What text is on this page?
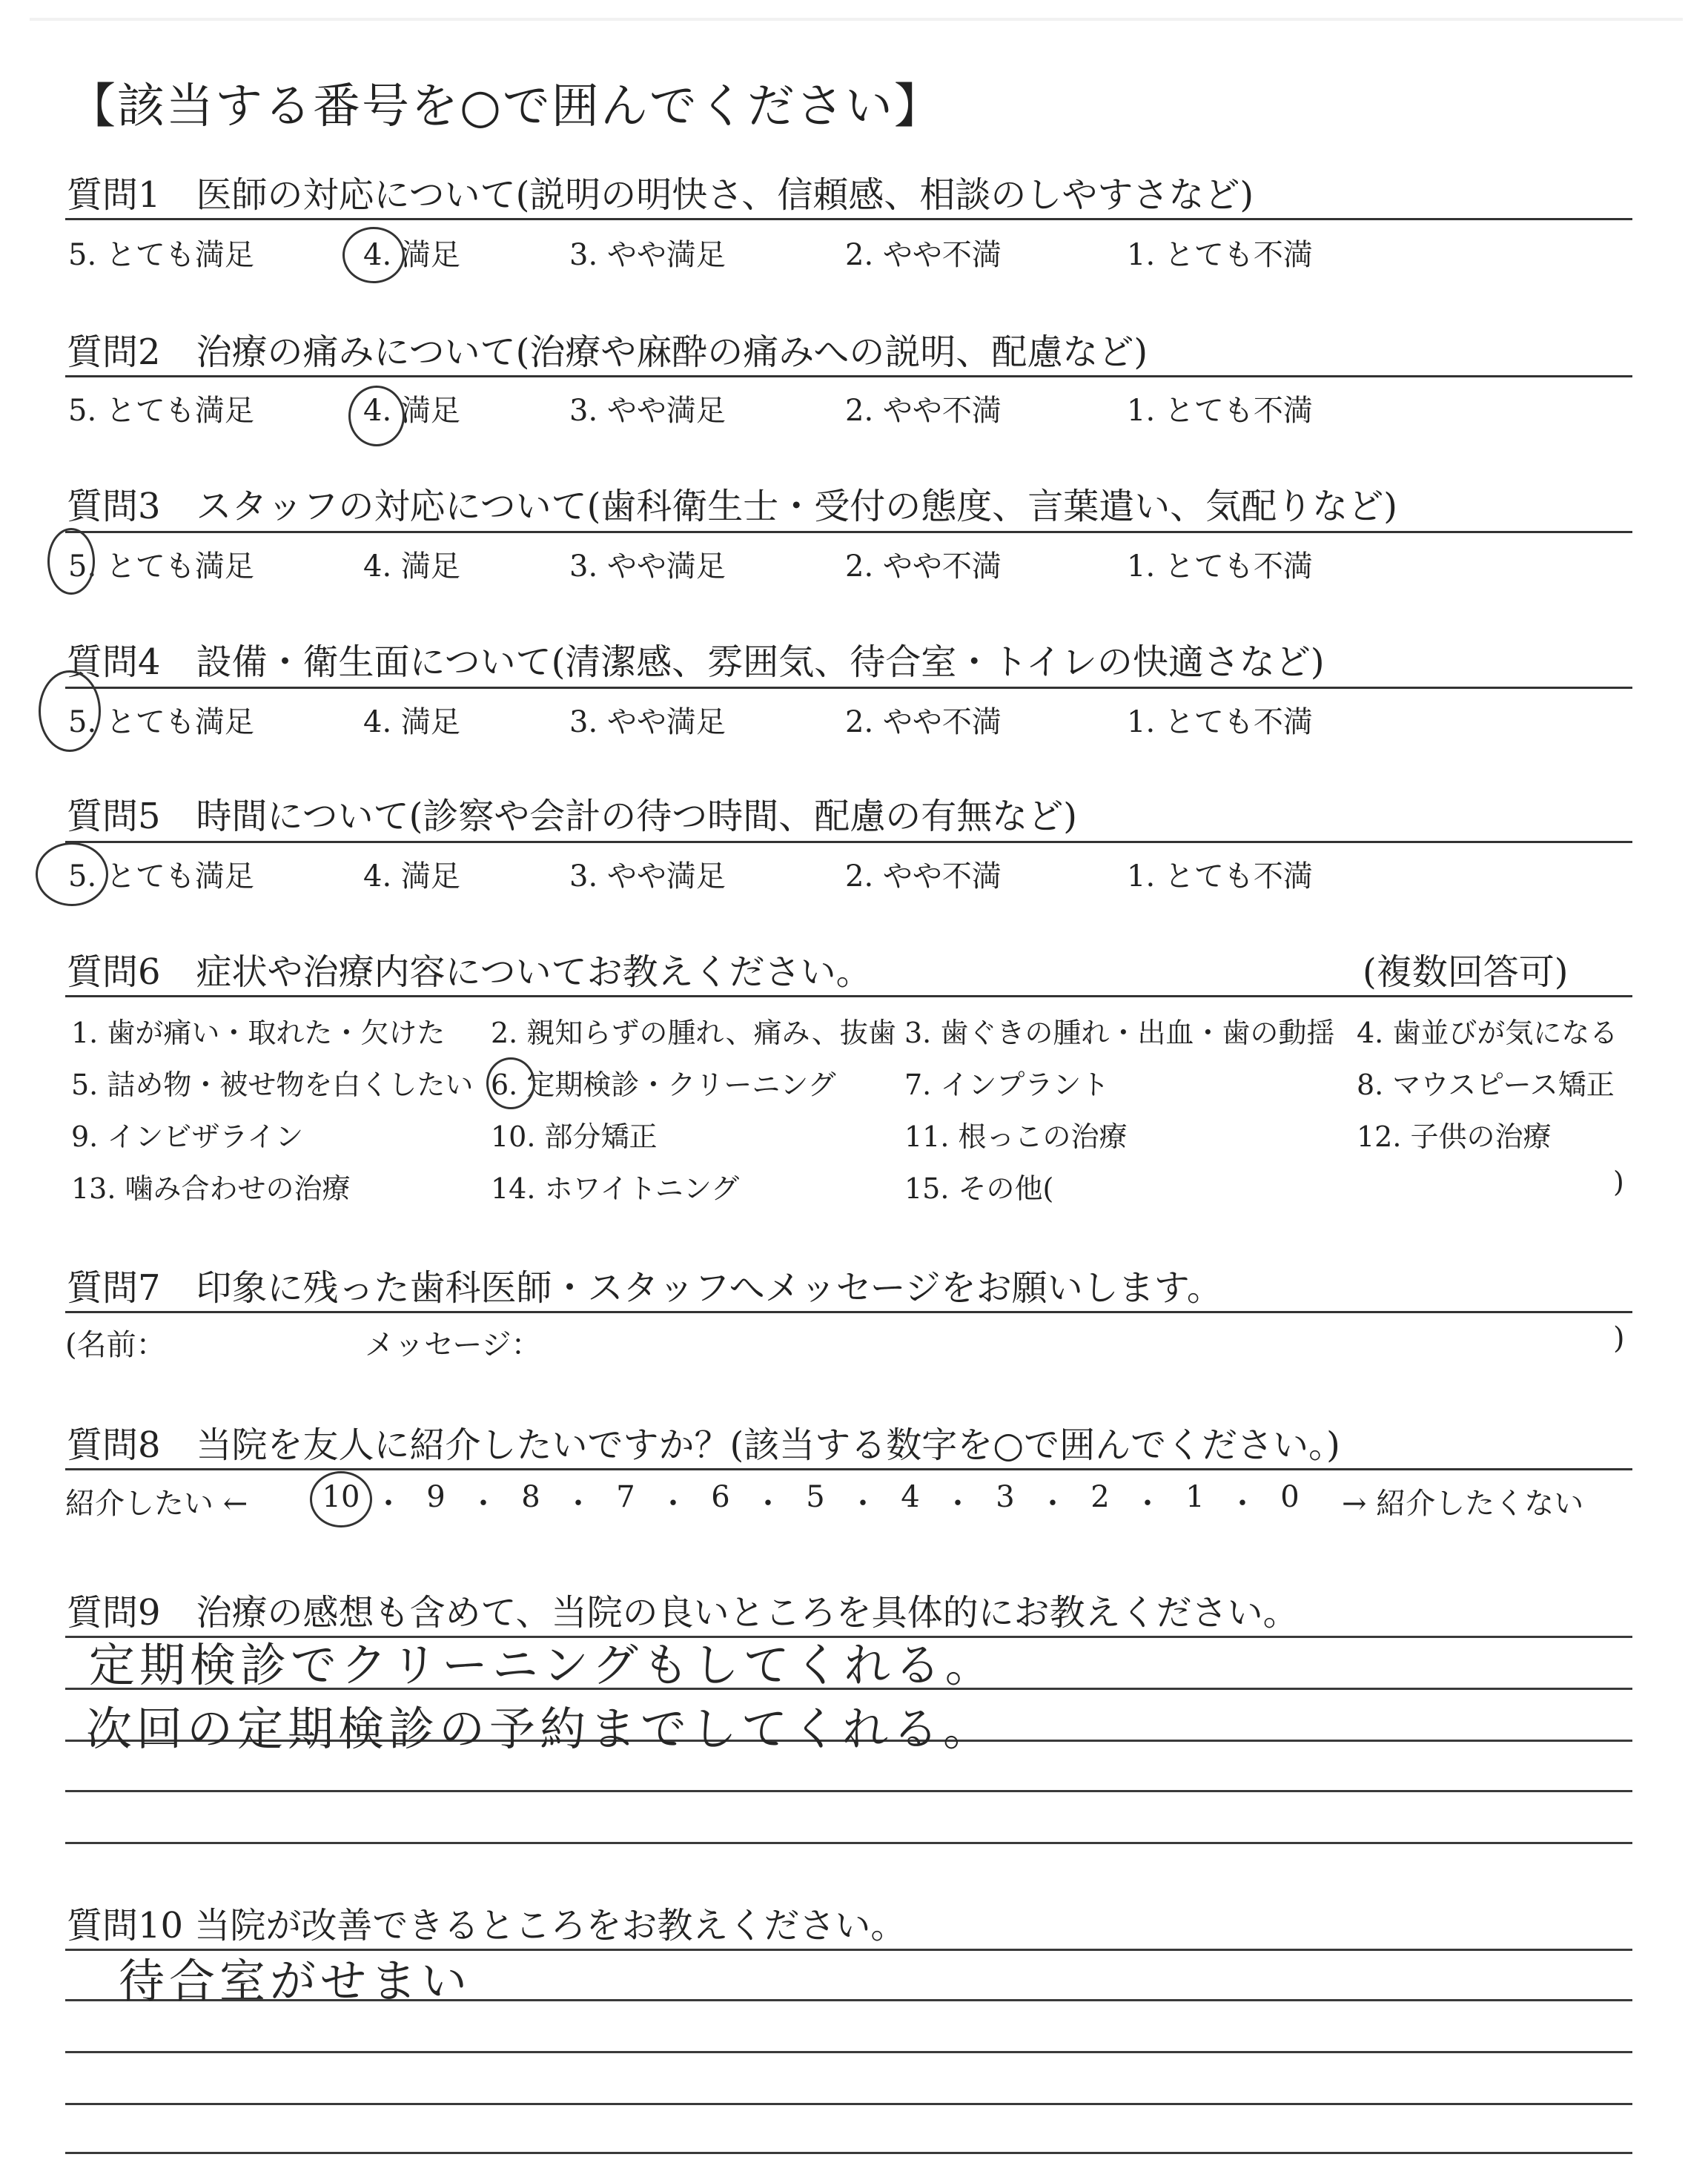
【該当する番号を○で囲んでください】
質問1　医師の対応について(説明の明快さ、信頼感、相談のしやすさなど)
5. とても満足	4. 満足	3. やや満足	2. やや不満	1. とても不満
質問2　治療の痛みについて(治療や麻酔の痛みへの説明、配慮など)
5. とても満足	4. 満足	3. やや満足	2. やや不満	1. とても不満
質問3　スタッフの対応について(歯科衛生士・受付の態度、言葉遣い、気配りなど)
5. とても満足	4. 満足	3. やや満足	2. やや不満	1. とても不満
質問4　設備・衛生面について(清潔感、雰囲気、待合室・トイレの快適さなど)
5. とても満足	4. 満足	3. やや満足	2. やや不満	1. とても不満
質問5　時間について(診察や会計の待つ時間、配慮の有無など)
5. とても満足	4. 満足	3. やや満足	2. やや不満	1. とても不満
質問6　症状や治療内容についてお教えください。	(複数回答可)
1. 歯が痛い・取れた・欠けた 2. 親知らずの腫れ、痛み、抜歯 3. 歯ぐきの腫れ・出血・歯の動揺 4. 歯並びが気になる
5. 詰め物・被せ物を白くしたい 6. 定期検診・クリーニング 7. インプラント	8. マウスピース矯正
9. インビザライン	10. 部分矯正	11. 根っこの治療	12. 子供の治療
13. 噛み合わせの治療	14. ホワイトニング	15. その他(	)
質問7　印象に残った歯科医師・スタッフへメッセージをお願いします。
(名前：	メッセージ：	)
質問8　当院を友人に紹介したいですか？(該当する数字を○で囲んでください。)
紹介したい ←	10 ・ 9 ・ 8 ・ 7 ・ 6 ・ 5 ・ 4 ・ 3 ・ 2 ・ 1 ・ 0	→ 紹介したくない
質問9　治療の感想も含めて、当院の良いところを具体的にお教えください。
定期検診でクリーニングもしてくれる。
次回の定期検診の予約までしてくれる。
質問10 当院が改善できるところをお教えください。
待合室がせまい
